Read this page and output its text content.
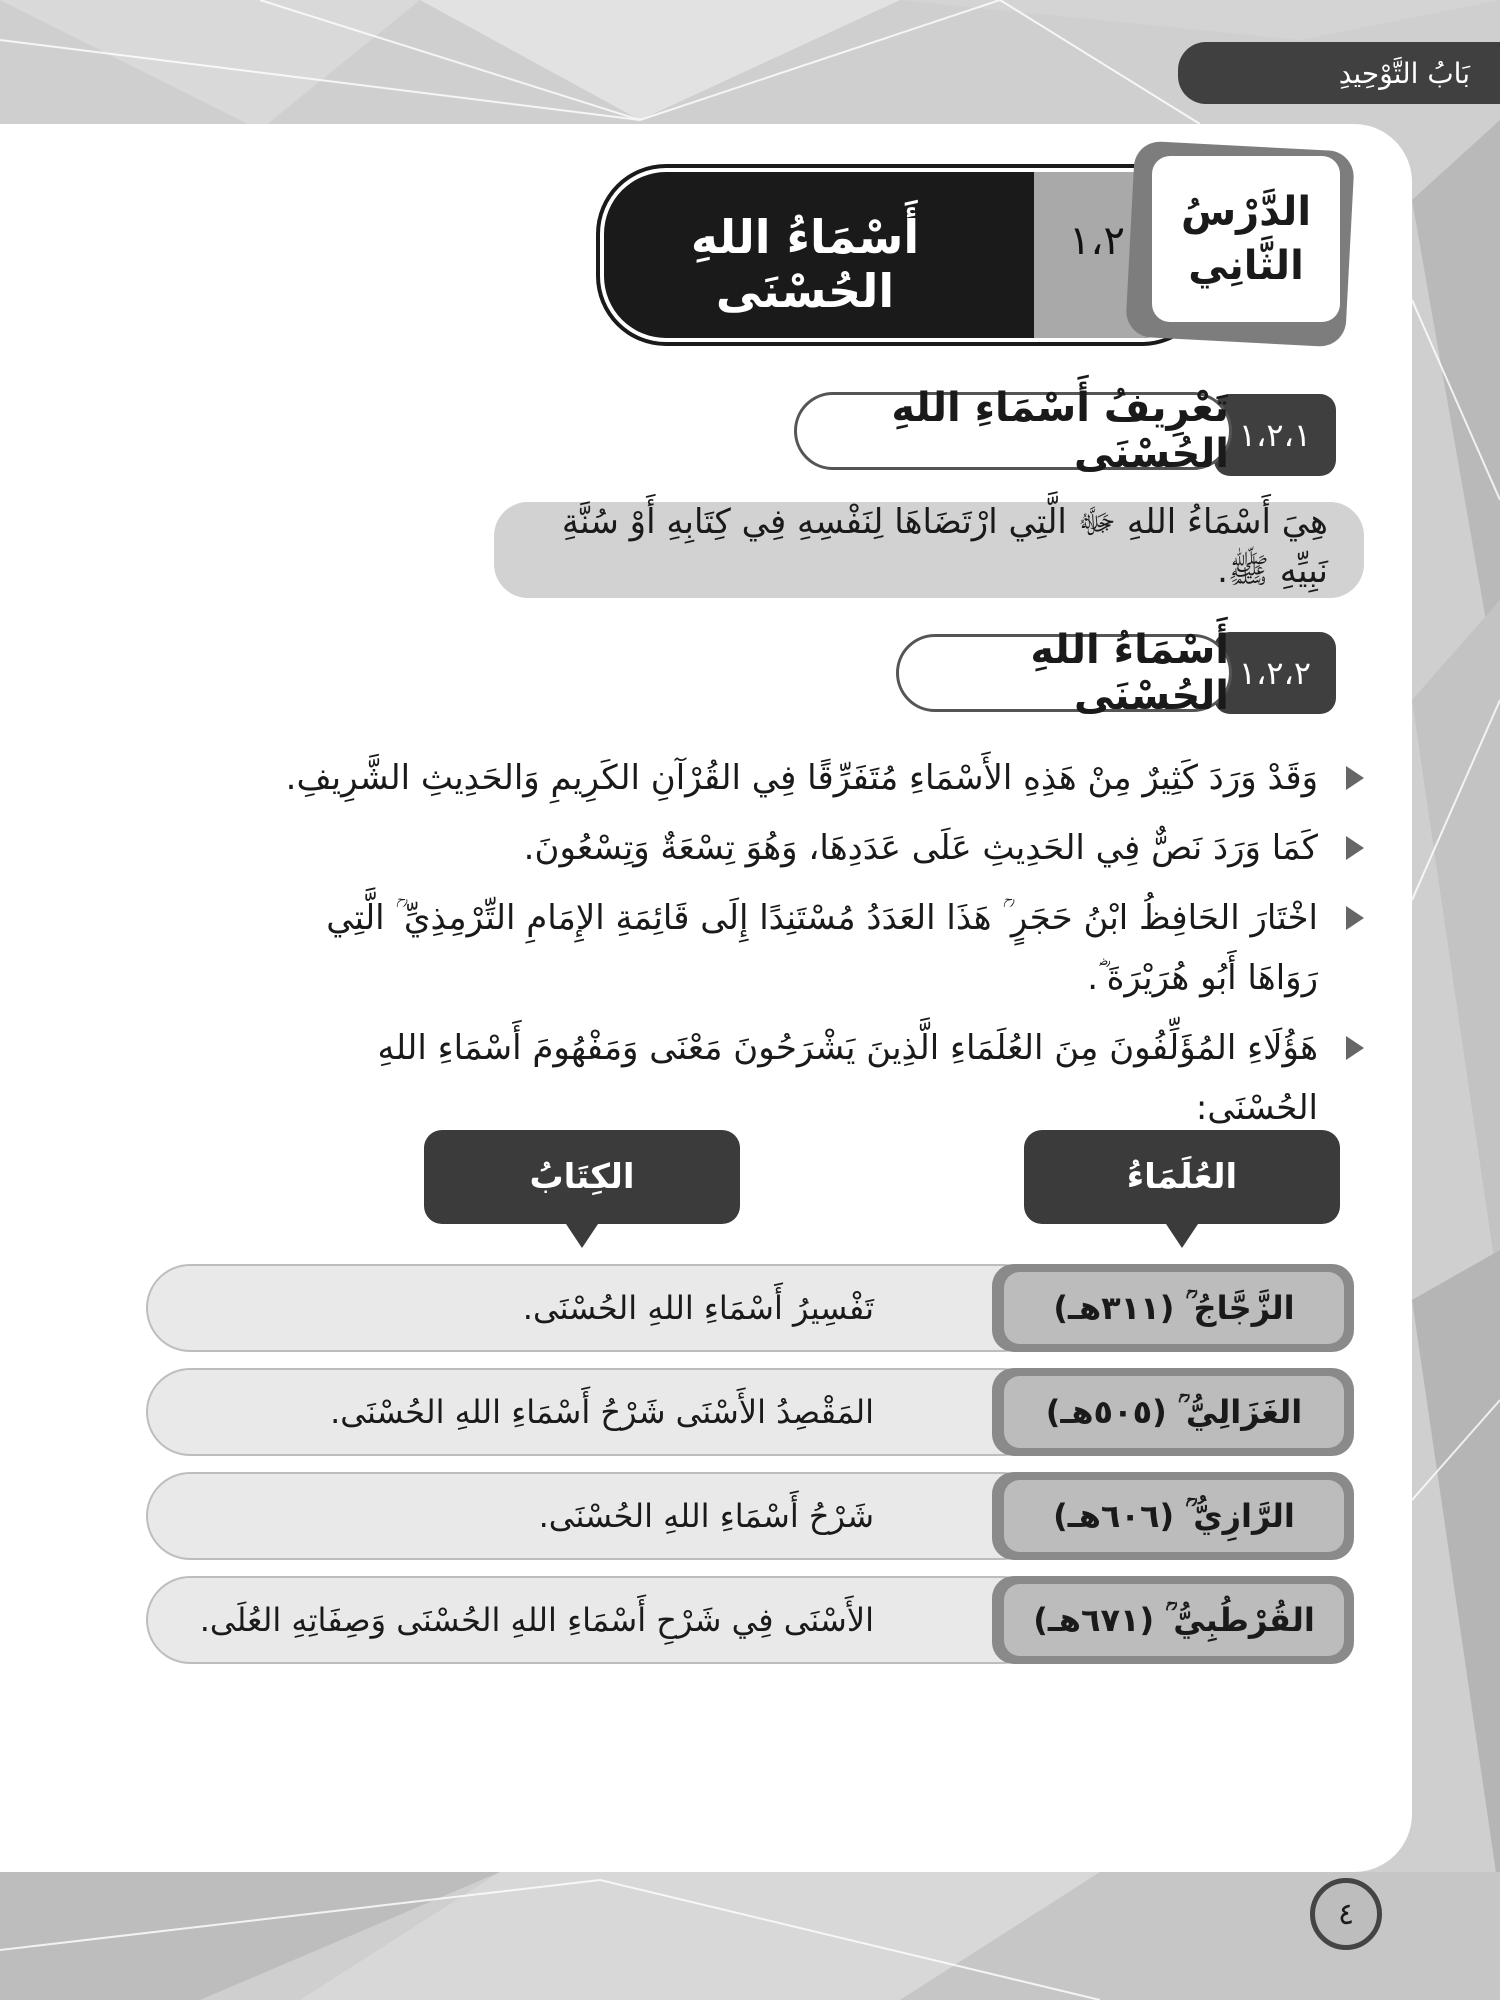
بَابُ التَّوْحِيدِ
أَسْمَاءُ اللهِ الحُسْنَى
١،٢
الدَّرْسُ
الثَّانِي
١،٢،١
تَعْرِيفُ أَسْمَاءِ اللهِ الحُسْنَى
هِيَ أَسْمَاءُ اللهِ ﷻ الَّتِي ارْتَضَاهَا لِنَفْسِهِ فِي كِتَابِهِ أَوْ سُنَّةِ نَبِيِّهِ ﷺ.
١،٢،٢
أَسْمَاءُ اللهِ الحُسْنَى
وَقَدْ وَرَدَ كَثِيرٌ مِنْ هَذِهِ الأَسْمَاءِ مُتَفَرِّقًا فِي القُرْآنِ الكَرِيمِ وَالحَدِيثِ الشَّرِيفِ.
كَمَا وَرَدَ نَصٌّ فِي الحَدِيثِ عَلَى عَدَدِهَا، وَهُوَ تِسْعَةٌ وَتِسْعُونَ.
اخْتَارَ الحَافِظُ ابْنُ حَجَرٍ ؒ هَذَا العَدَدُ مُسْتَنِدًا إِلَى قَائِمَةِ الإِمَامِ التِّرْمِذِيِّ ؒ الَّتِي رَوَاهَا أَبُو هُرَيْرَةَ ؓ.
هَؤُلَاءِ المُؤَلِّفُونَ مِنَ العُلَمَاءِ الَّذِينَ يَشْرَحُونَ مَعْنَى وَمَفْهُومَ أَسْمَاءِ اللهِ الحُسْنَى:
العُلَمَاءُ
الكِتَابُ
تَفْسِيرُ أَسْمَاءِ اللهِ الحُسْنَى.	الزَّجَّاجُ ؒ (٣١١هـ)
المَقْصِدُ الأَسْنَى شَرْحُ أَسْمَاءِ اللهِ الحُسْنَى.	الغَزَالِيُّ ؒ (٥٠٥هـ)
شَرْحُ أَسْمَاءِ اللهِ الحُسْنَى.	الرَّازِيُّ ؒ (٦٠٦هـ)
الأَسْنَى فِي شَرْحِ أَسْمَاءِ اللهِ الحُسْنَى وَصِفَاتِهِ العُلَى.	القُرْطُبِيُّ ؒ (٦٧١هـ)
٤
